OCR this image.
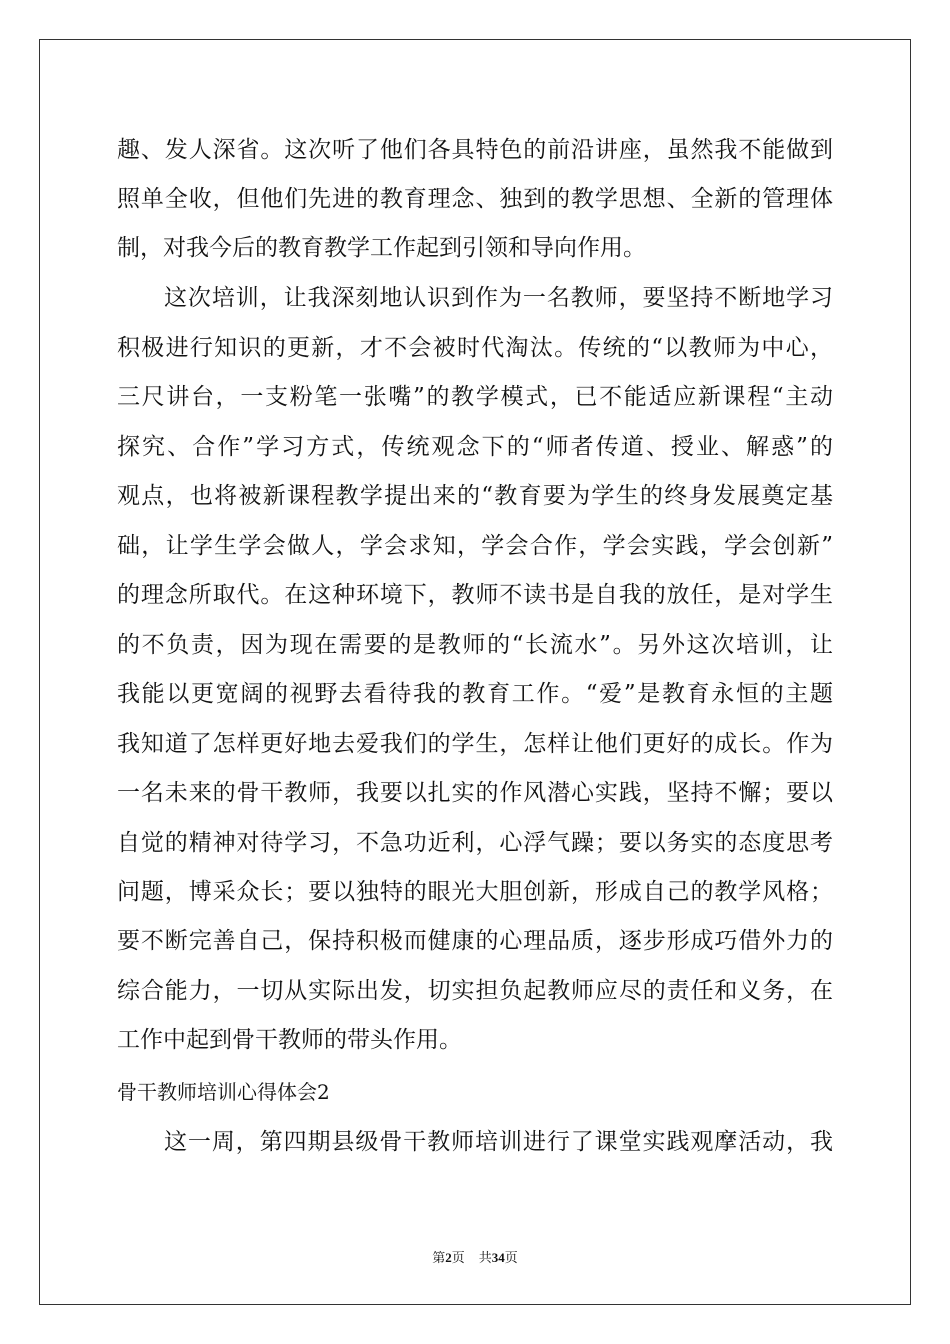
趣、发人深省。这次听了他们各具特色的前沿讲座，虽然我不能做到
照单全收，但他们先进的教育理念、独到的教学思想、全新的管理体
制，对我今后的教育教学工作起到引领和导向作用。
这次培训，让我深刻地认识到作为一名教师，要坚持不断地学习
积极进行知识的更新，才不会被时代淘汰。传统的“以教师为中心，
三尺讲台，一支粉笔一张嘴”的教学模式，已不能适应新课程“主动
探究、合作”学习方式，传统观念下的“师者传道、授业、解惑”的
观点，也将被新课程教学提出来的“教育要为学生的终身发展奠定基
础，让学生学会做人，学会求知，学会合作，学会实践，学会创新”
的理念所取代。在这种环境下，教师不读书是自我的放任，是对学生
的不负责，因为现在需要的是教师的“长流水”。另外这次培训，让
我能以更宽阔的视野去看待我的教育工作。“爱”是教育永恒的主题
我知道了怎样更好地去爱我们的学生，怎样让他们更好的成长。作为
一名未来的骨干教师，我要以扎实的作风潜心实践，坚持不懈；要以
自觉的精神对待学习，不急功近利，心浮气躁；要以务实的态度思考
问题，博采众长；要以独特的眼光大胆创新，形成自己的教学风格；
要不断完善自己，保持积极而健康的心理品质，逐步形成巧借外力的
综合能力，一切从实际出发，切实担负起教师应尽的责任和义务，在
工作中起到骨干教师的带头作用。
骨干教师培训心得体会2
这一周，第四期县级骨干教师培训进行了课堂实践观摩活动，我
第2页 共34页
